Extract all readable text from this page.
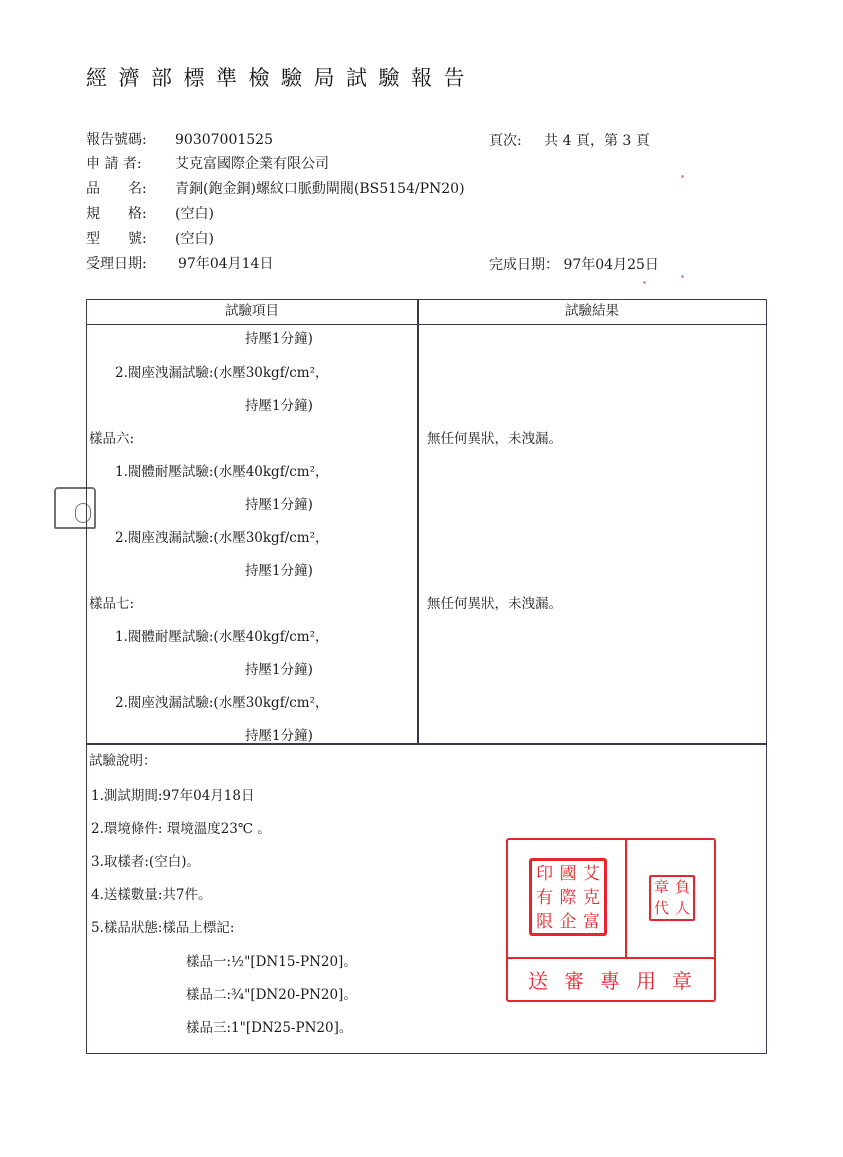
經濟部標準檢驗局試驗報告
報告號碼: 90307001525
申 請 者: 艾克富國際企業有限公司
品　　名: 青銅(鉋金銅)螺紋口脈動閘閥(BS5154/PN20)
規　　格: (空白)
型　　號: (空白)
受理日期: 97年04月14日
頁次: 共 4 頁，第 3 頁
完成日期： 97年04月25日
試驗項目	試驗結果
持壓1分鐘)
2.閥座洩漏試驗:(水壓30kgf/cm²，
持壓1分鐘)
樣品六:	無任何異狀，未洩漏。
1.閥體耐壓試驗:(水壓40kgf/cm²，
持壓1分鐘)
2.閥座洩漏試驗:(水壓30kgf/cm²，
持壓1分鐘)
樣品七:	無任何異狀，未洩漏。
1.閥體耐壓試驗:(水壓40kgf/cm²，
持壓1分鐘)
2.閥座洩漏試驗:(水壓30kgf/cm²，
持壓1分鐘)
試驗說明：
1.測試期間:97年04月18日
2.環境條件: 環境溫度23℃ 。
3.取樣者:(空白)。
4.送樣數量:共7件。
5.樣品狀態:樣品上標記:
樣品一:½"[DN15-PN20]。
樣品二:¾"[DN20-PN20]。
樣品三:1"[DN25-PN20]。
印 國 艾
有 際 克
限 企 富
章 負
代 人
送審專用章
